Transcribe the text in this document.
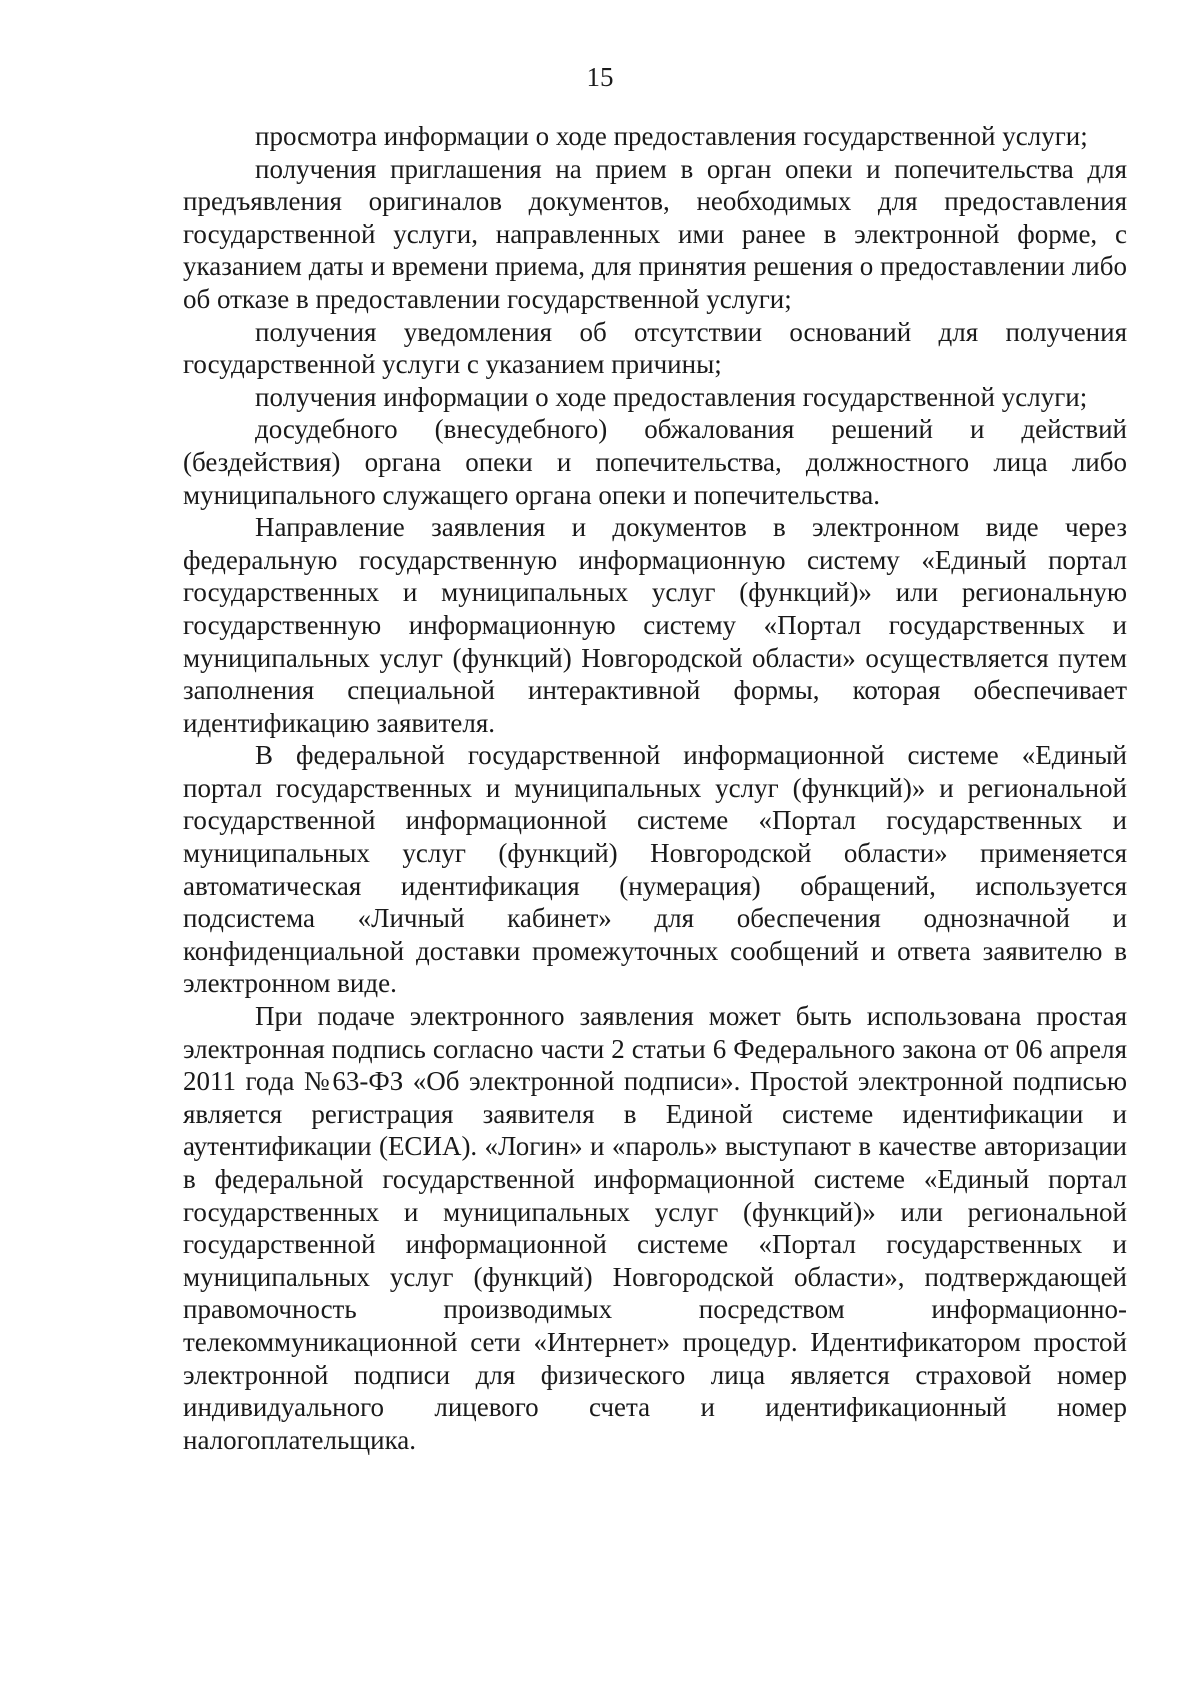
15

просмотра информации о ходе предоставления государственной услуги;

получения приглашения на прием в орган опеки и попечительства для предъявления оригиналов документов, необходимых для предоставления государственной услуги, направленных ими ранее в электронной форме, с указанием даты и времени приема, для принятия решения о предоставлении либо об отказе в предоставлении государственной услуги;

получения уведомления об отсутствии оснований для получения государственной услуги с указанием причины;

получения информации о ходе предоставления государственной услуги;

досудебного (внесудебного) обжалования решений и действий (бездействия) органа опеки и попечительства, должностного лица либо муниципального служащего органа опеки и попечительства.

Направление заявления и документов в электронном виде через федеральную государственную информационную систему «Единый портал государственных и муниципальных услуг (функций)» или региональную государственную информационную систему «Портал государственных и муниципальных услуг (функций) Новгородской области» осуществляется путем заполнения специальной интерактивной формы, которая обеспечивает идентификацию заявителя.

В федеральной государственной информационной системе «Единый портал государственных и муниципальных услуг (функций)» и региональной государственной информационной системе «Портал государственных и муниципальных услуг (функций) Новгородской области» применяется автоматическая идентификация (нумерация) обращений, используется подсистема «Личный кабинет» для обеспечения однозначной и конфиденциальной доставки промежуточных сообщений и ответа заявителю в электронном виде.

При подаче электронного заявления может быть использована простая электронная подпись согласно части 2 статьи 6 Федерального закона от 06 апреля 2011 года №63-ФЗ «Об электронной подписи». Простой электронной подписью является регистрация заявителя в Единой системе идентификации и аутентификации (ЕСИА). «Логин» и «пароль» выступают в качестве авторизации в федеральной государственной информационной системе «Единый портал государственных и муниципальных услуг (функций)» или региональной государственной информационной системе «Портал государственных и муниципальных услуг (функций) Новгородской области», подтверждающей правомочность производимых посредством информационно-телекоммуникационной сети «Интернет» процедур. Идентификатором простой электронной подписи для физического лица является страховой номер индивидуального лицевого счета и идентификационный номер налогоплательщика.
